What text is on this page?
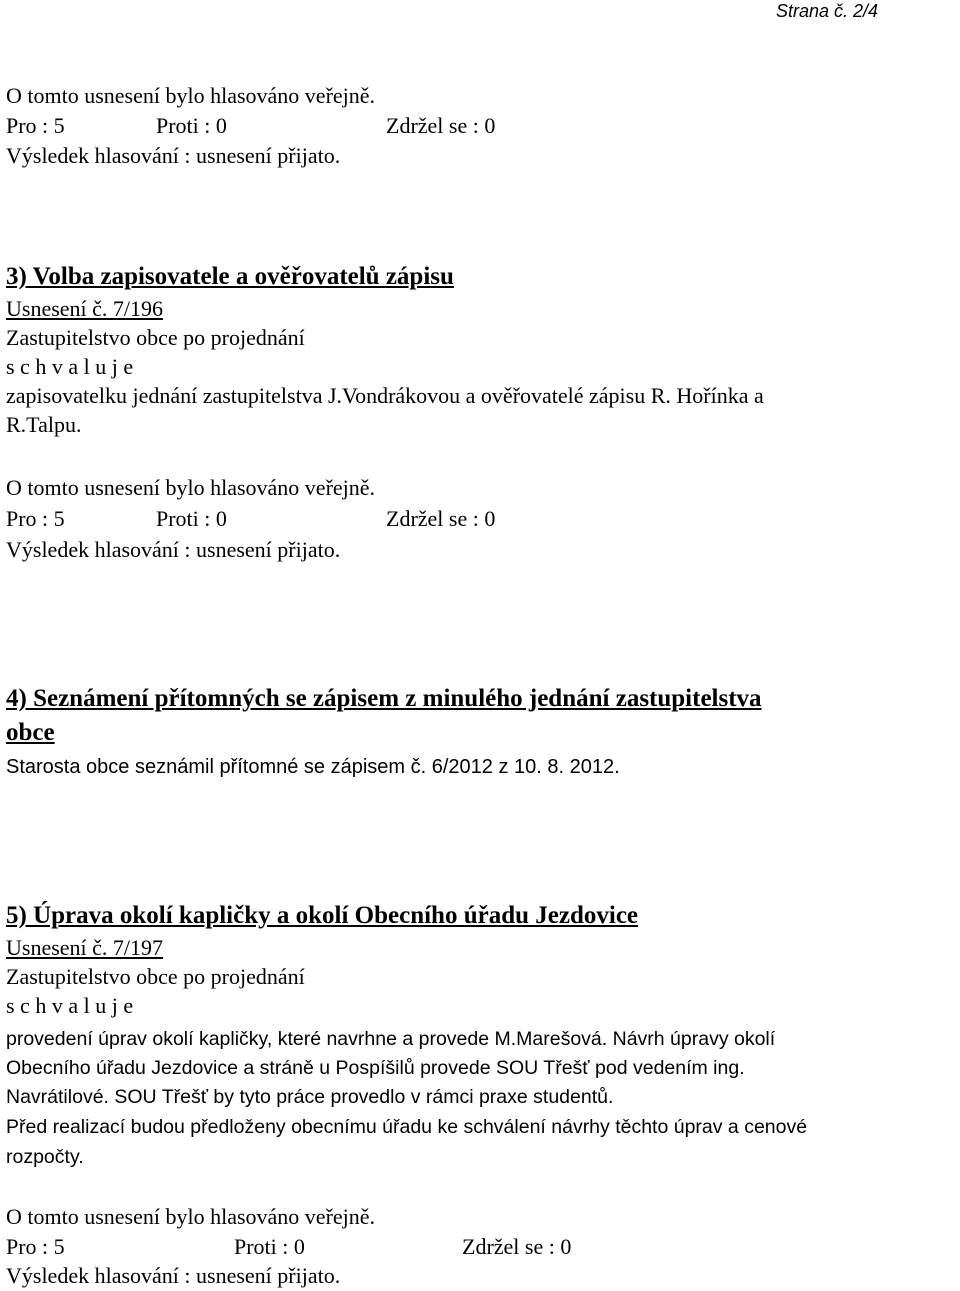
Strana č. 2/4
O tomto usnesení bylo hlasováno veřejně.
Pro : 5	Proti : 0	Zdržel se : 0
Výsledek hlasování : usnesení přijato.
3) Volba zapisovatele a ověřovatelů zápisu
Usnesení č. 7/196
Zastupitelstvo obce po projednání
s c h v a l u j e
zapisovatelku jednání zastupitelstva J.Vondrákovou a ověřovatelé zápisu R. Hořínka a
R.Talpu.
O tomto usnesení bylo hlasováno veřejně.
Pro : 5	Proti : 0	Zdržel se : 0
Výsledek hlasování : usnesení přijato.
4) Seznámení přítomných se zápisem z minulého jednání zastupitelstva
obce
Starosta obce seznámil přítomné se zápisem č. 6/2012 z 10. 8. 2012.
5) Úprava okolí kapličky a okolí Obecního úřadu Jezdovice
Usnesení č. 7/197
Zastupitelstvo obce po projednání
s c h v a l u j e
provedení úprav okolí kapličky, které navrhne a provede M.Marešová. Návrh úpravy okolí
Obecního úřadu Jezdovice a stráně u Pospíšilů provede SOU Třešť pod vedením ing.
Navrátilové. SOU Třešť by tyto práce provedlo v rámci praxe studentů.
Před realizací budou předloženy obecnímu úřadu ke schválení návrhy těchto úprav a cenové
rozpočty.
O tomto usnesení bylo hlasováno veřejně.
Pro : 5	Proti : 0	Zdržel se : 0
Výsledek hlasování : usnesení přijato.
